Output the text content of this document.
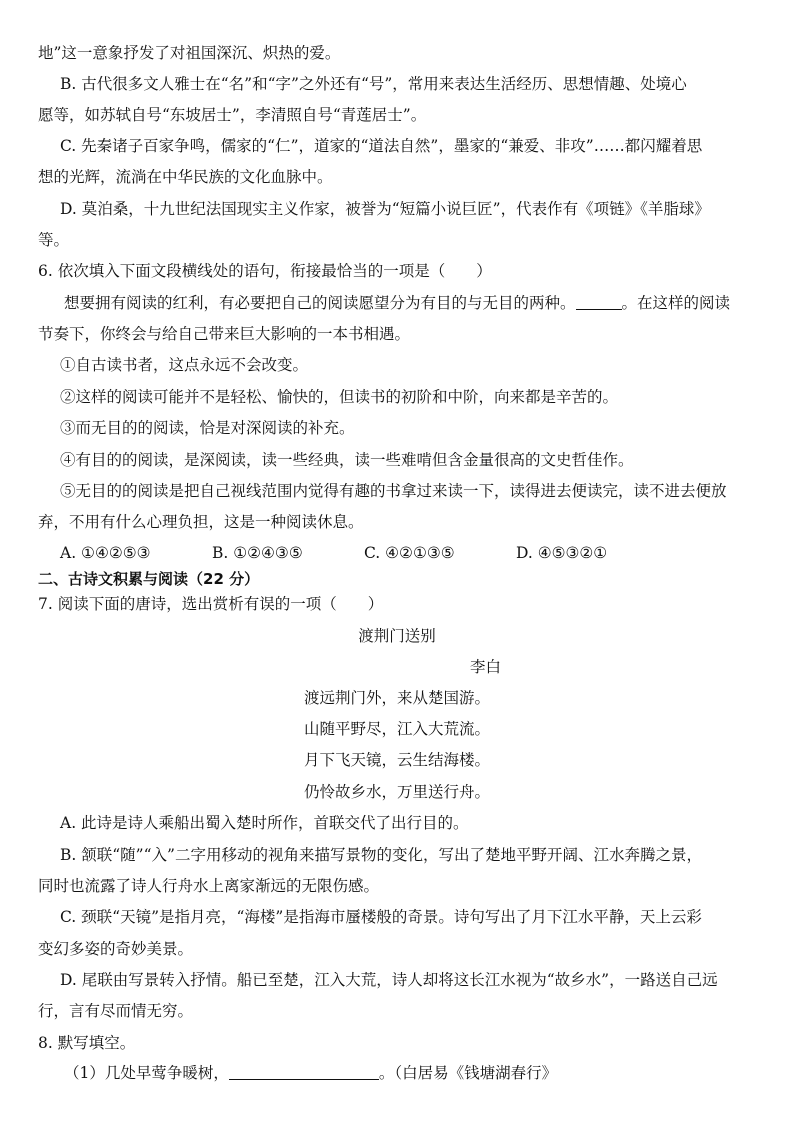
地”这一意象抒发了对祖国深沉、炽热的爱。
B. 古代很多文人雅士在“名”和“字”之外还有“号”，常用来表达生活经历、思想情趣、处境心
愿等，如苏轼自号“东坡居士”，李清照自号“青莲居士”。
C. 先秦诸子百家争鸣，儒家的“仁”，道家的“道法自然”，墨家的“兼爱、非攻”……都闪耀着思
想的光辉，流淌在中华民族的文化血脉中。
D. 莫泊桑，十九世纪法国现实主义作家，被誉为“短篇小说巨匠”，代表作有《项链》《羊脂球》
等。
6. 依次填入下面文段横线处的语句，衔接最恰当的一项是（　　）
想要拥有阅读的红利，有必要把自己的阅读愿望分为有目的与无目的两种。	。在这样的阅读
节奏下，你终会与给自己带来巨大影响的一本书相遇。
①自古读书者，这点永远不会改变。
②这样的阅读可能并不是轻松、愉快的，但读书的初阶和中阶，向来都是辛苦的。
③而无目的的阅读，恰是对深阅读的补充。
④有目的的阅读，是深阅读，读一些经典，读一些难啃但含金量很高的文史哲佳作。
⑤无目的的阅读是把自己视线范围内觉得有趣的书拿过来读一下，读得进去便读完，读不进去便放
弃，不用有什么心理负担，这是一种阅读休息。
A. ①④②⑤③	B. ①②④③⑤	C. ④②①③⑤	D. ④⑤③②①
二、古诗文积累与阅读（22 分）
7. 阅读下面的唐诗，选出赏析有误的一项（　　）
渡荆门送别
李白
渡远荆门外，来从楚国游。
山随平野尽，江入大荒流。
月下飞天镜，云生结海楼。
仍怜故乡水，万里送行舟。
A. 此诗是诗人乘船出蜀入楚时所作，首联交代了出行目的。
B. 颔联“随”“入”二字用移动的视角来描写景物的变化，写出了楚地平野开阔、江水奔腾之景，
同时也流露了诗人行舟水上离家渐远的无限伤感。
C. 颈联“天镜”是指月亮，“海楼”是指海市蜃楼般的奇景。诗句写出了月下江水平静，天上云彩
变幻多姿的奇妙美景。
D. 尾联由写景转入抒情。船已至楚，江入大荒，诗人却将这长江水视为“故乡水”，一路送自己远
行，言有尽而情无穷。
8. 默写填空。
（1）几处早莺争暖树，	。（白居易《钱塘湖春行》
